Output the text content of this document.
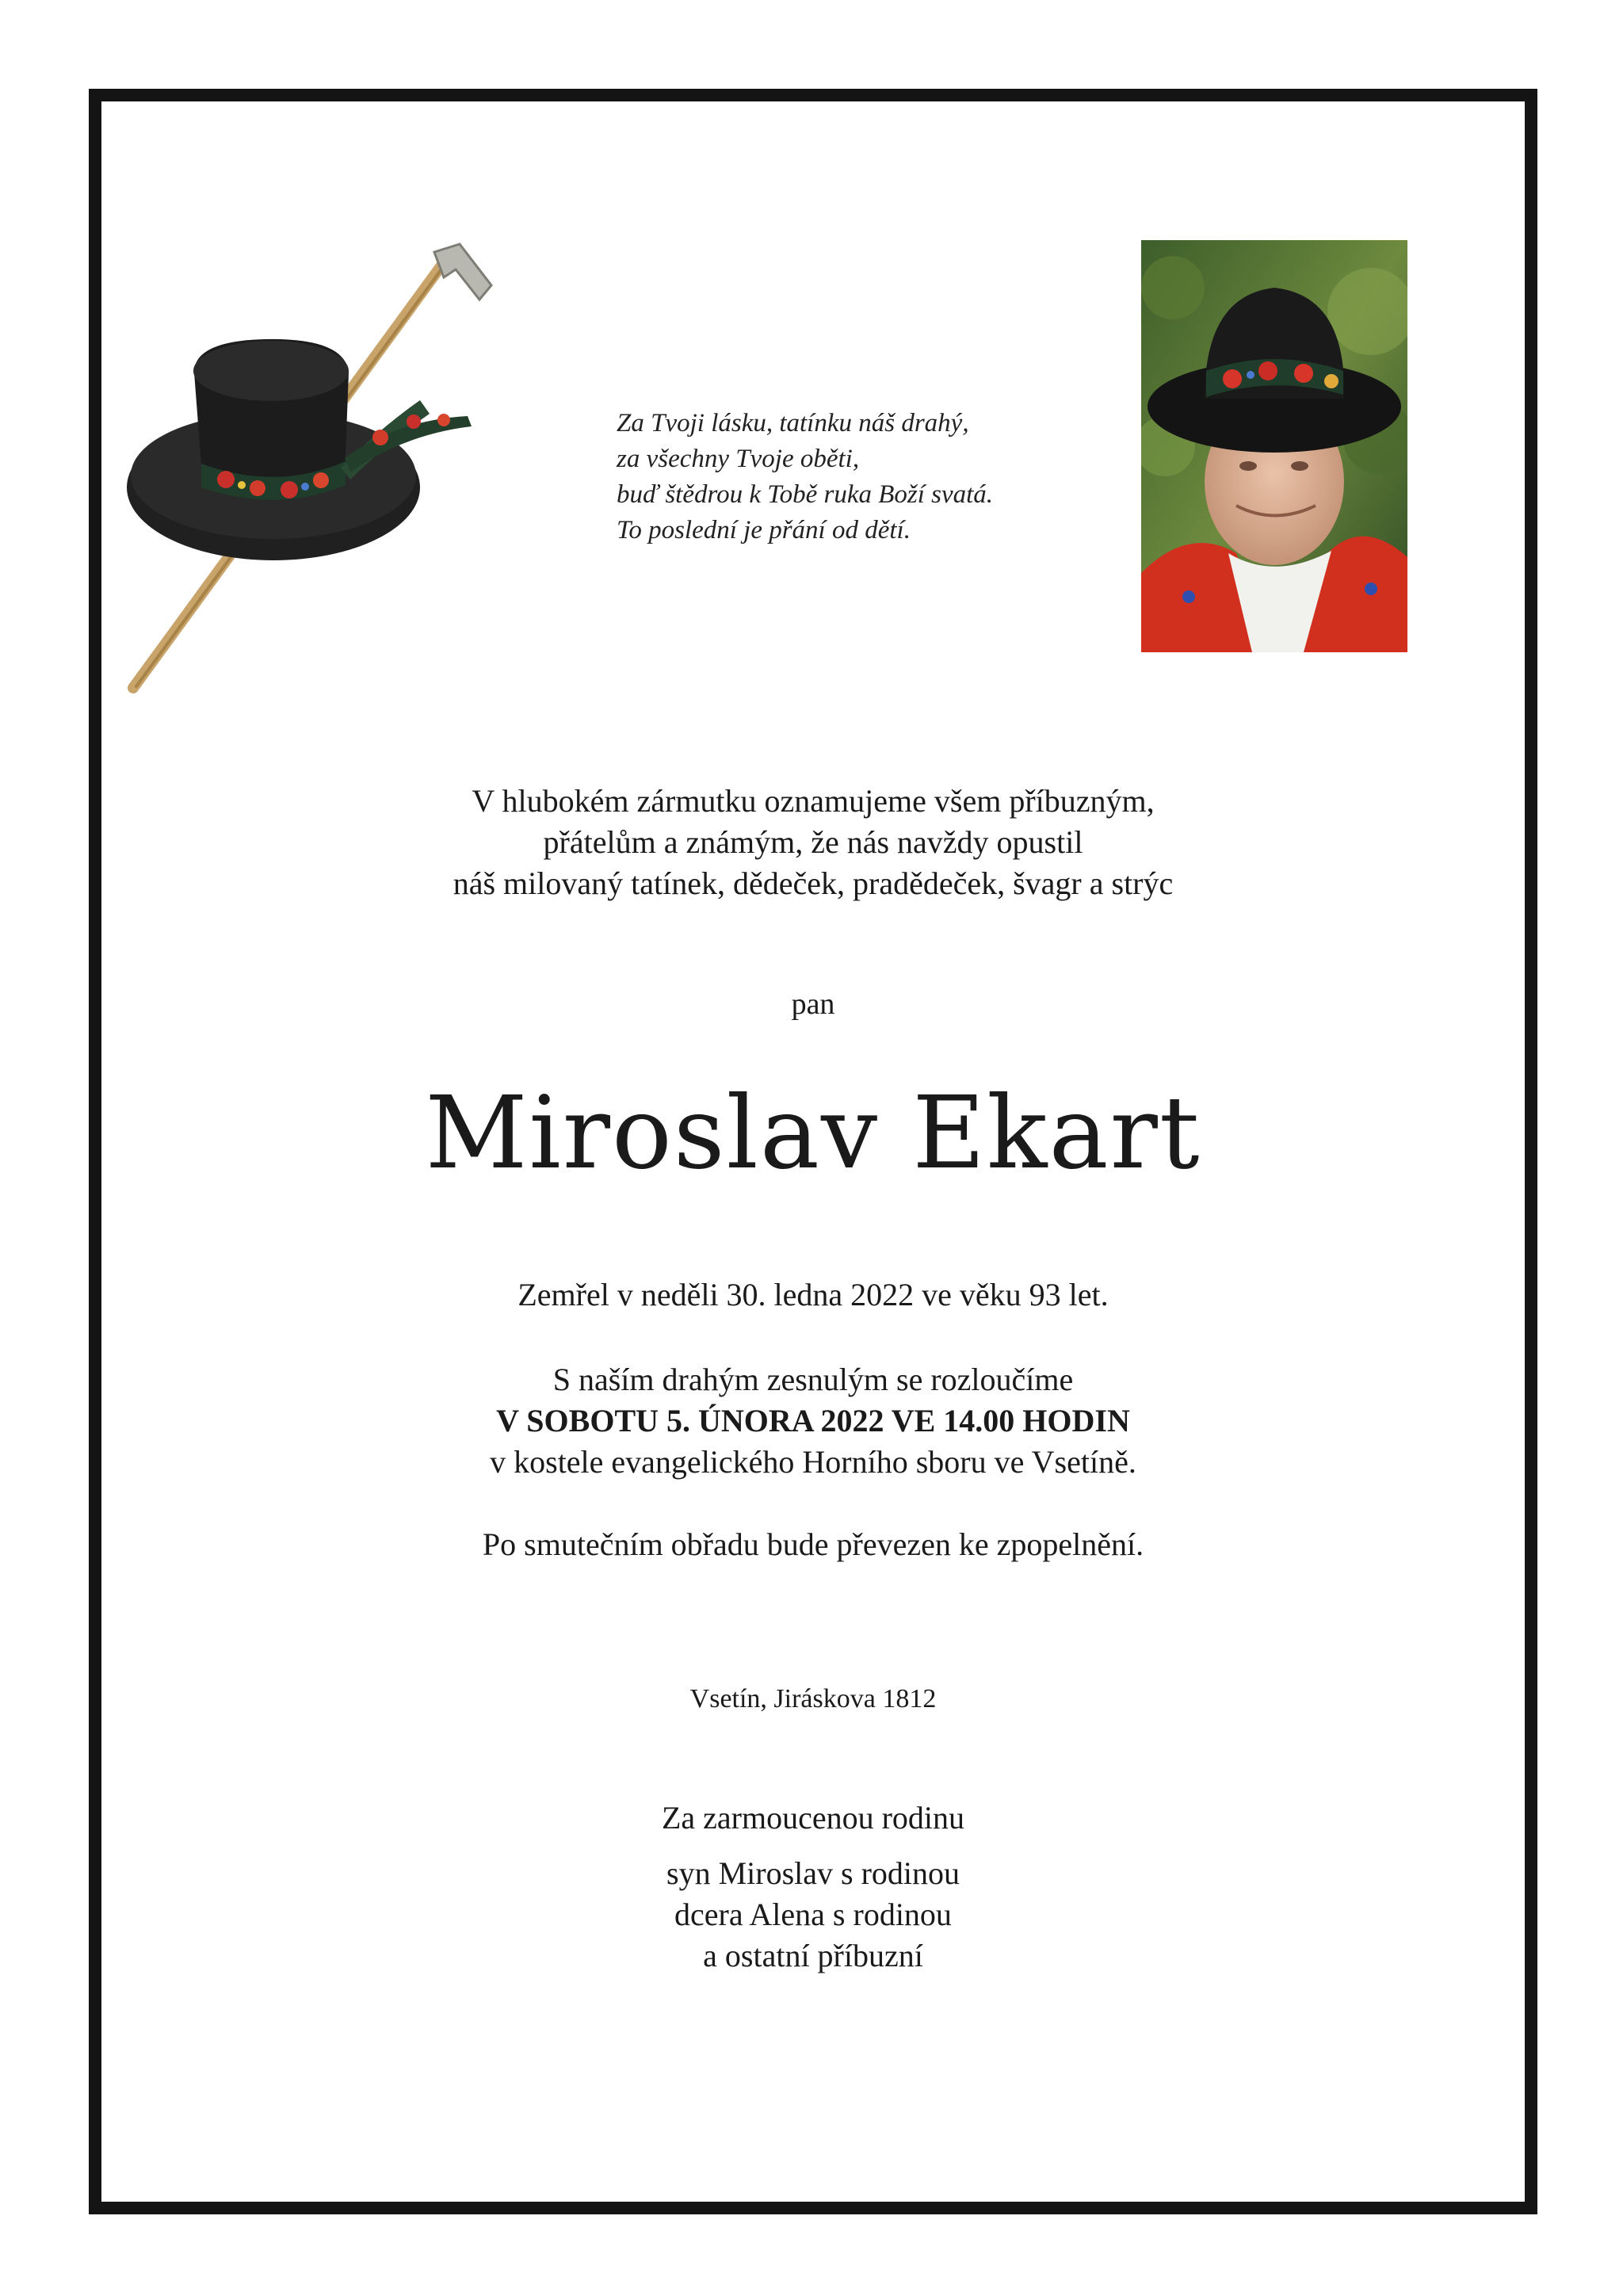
Za Tvoji lásku, tatínku náš drahý,
za všechny Tvoje oběti,
buď štědrou k Tobě ruka Boží svatá.
To poslední je přání od dětí.
V hlubokém zármutku oznamujeme všem příbuzným,
přátelům a známým, že nás navždy opustil
náš milovaný tatínek, dědeček, pradědeček, švagr a strýc
pan
Miroslav Ekart
Zemřel v neděli 30. ledna 2022 ve věku 93 let.
S naším drahým zesnulým se rozloučíme
V SOBOTU 5. ÚNORA 2022 VE 14.00 HODIN
v kostele evangelického Horního sboru ve Vsetíně.
Po smutečním obřadu bude převezen ke zpopelnění.
Vsetín, Jiráskova 1812
Za zarmoucenou rodinu
syn Miroslav s rodinou
dcera Alena s rodinou
a ostatní příbuzní
